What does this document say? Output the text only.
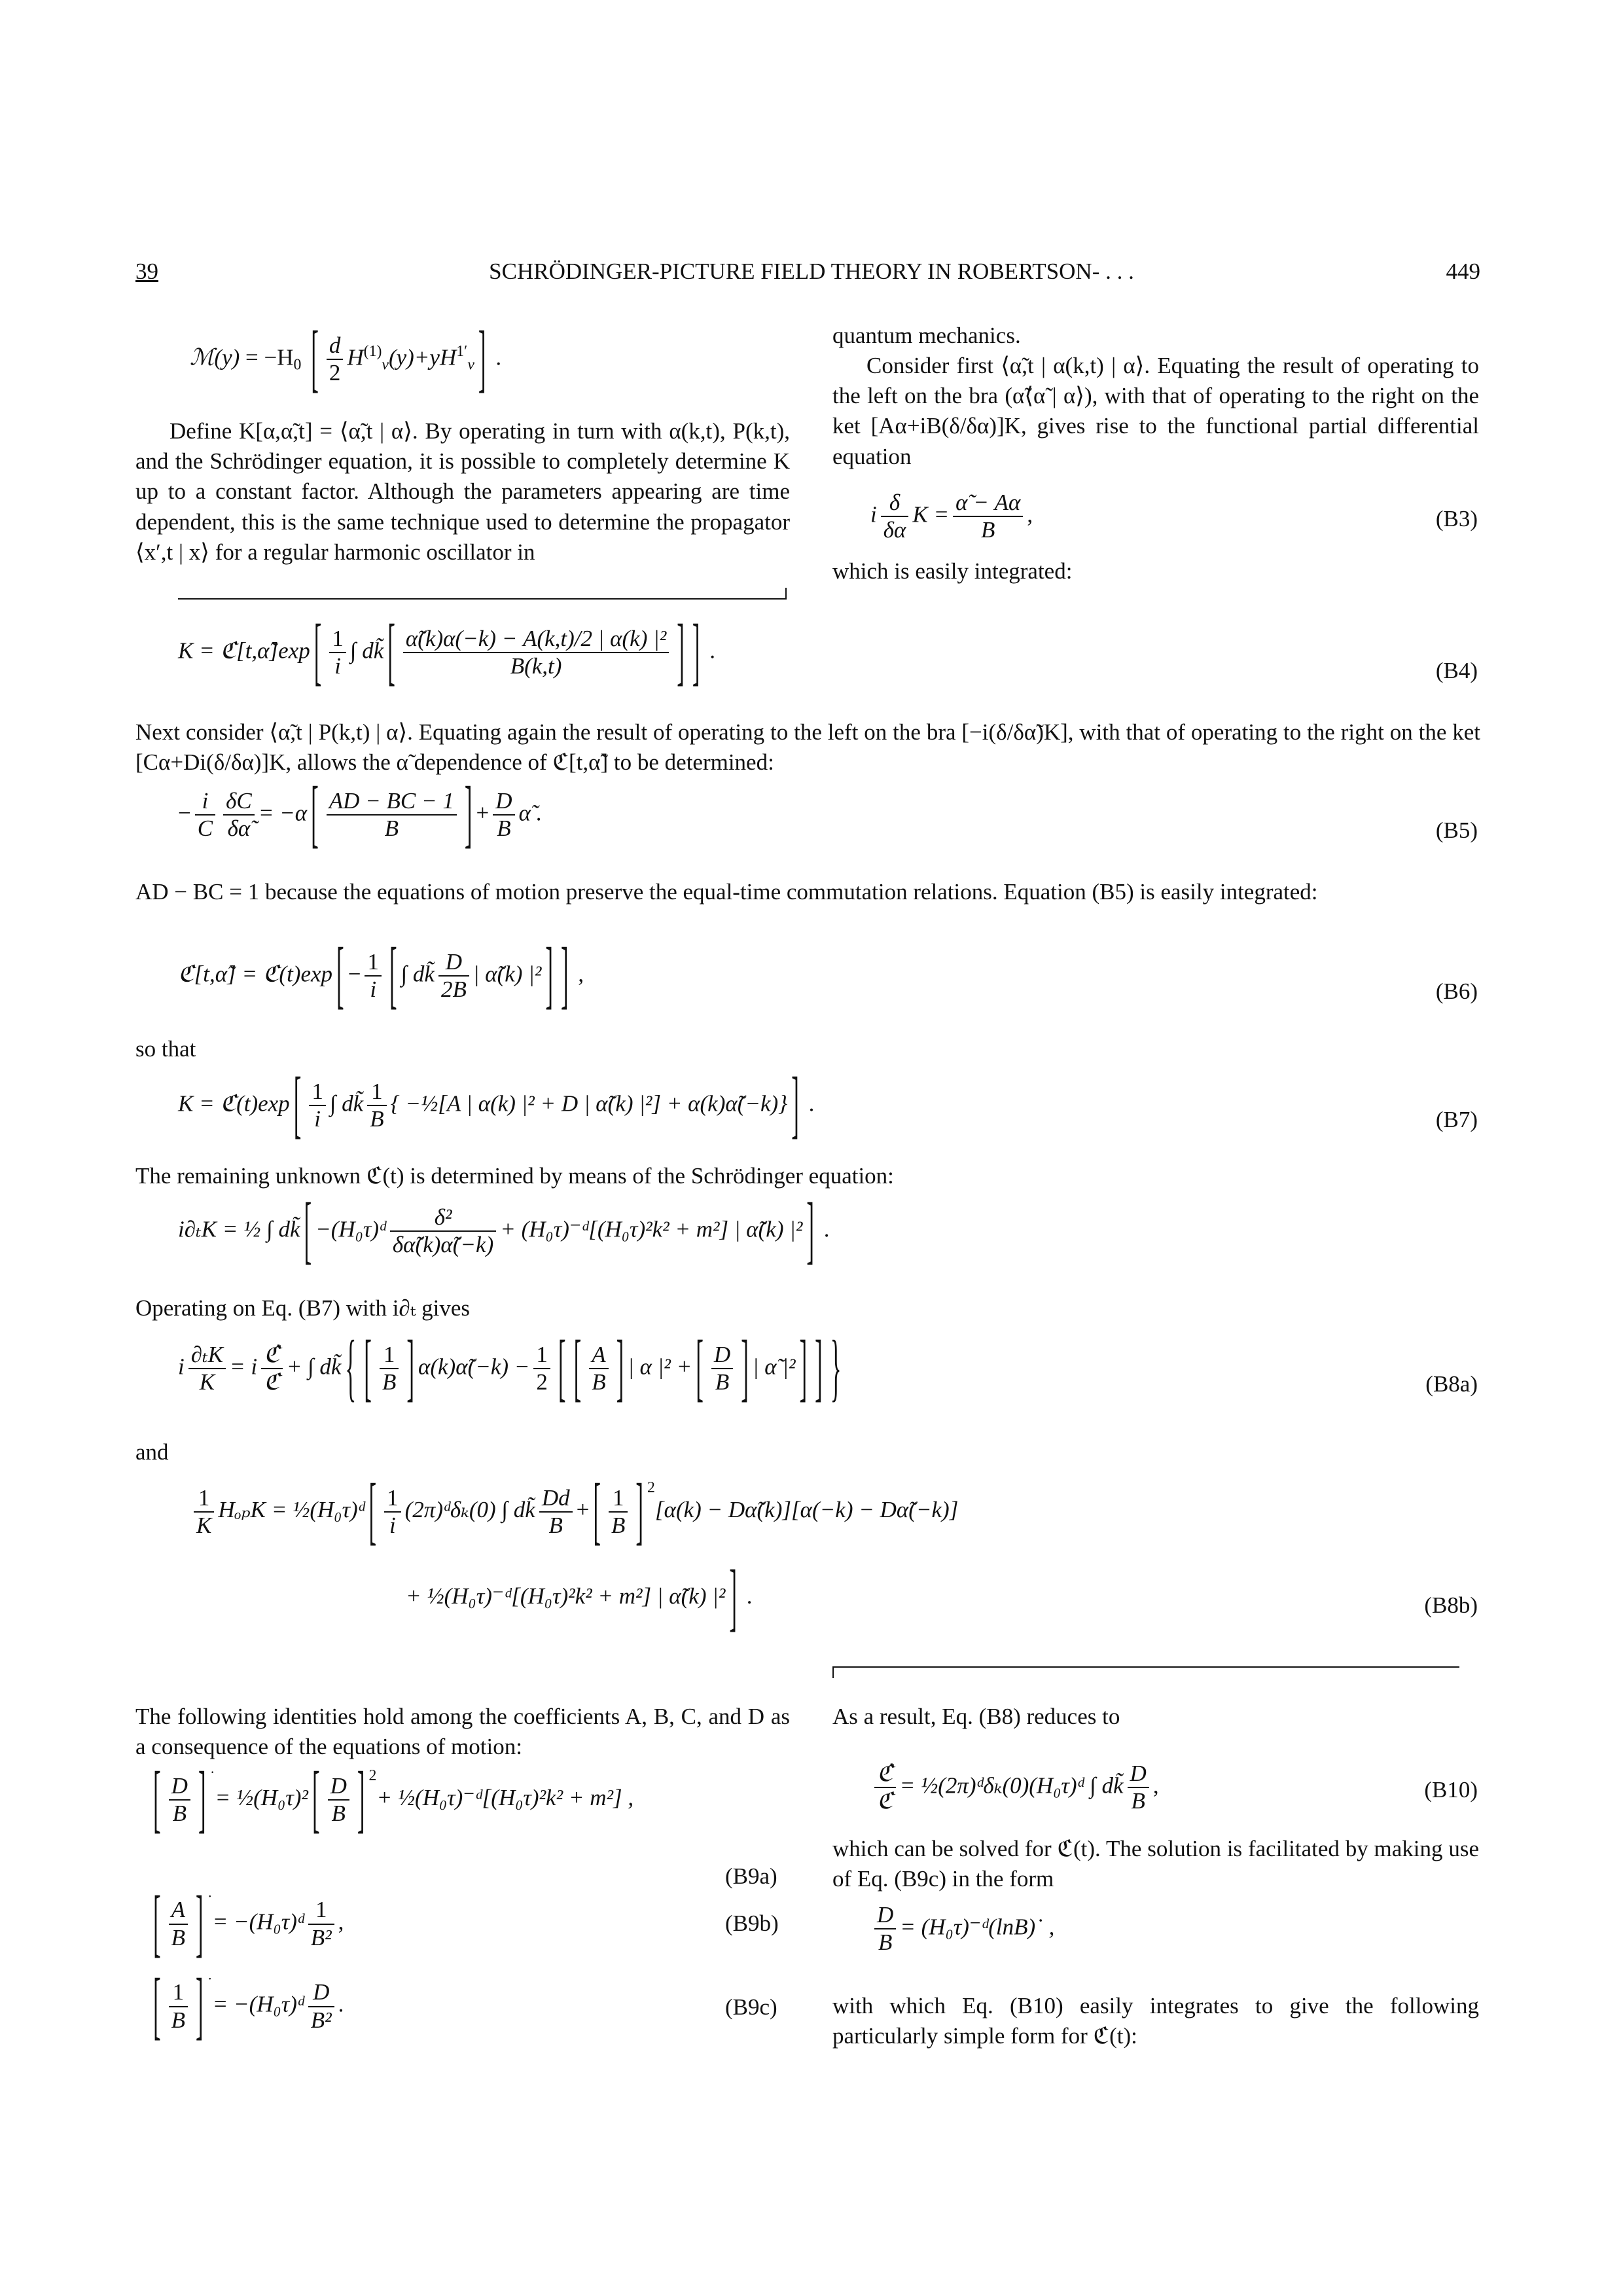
39	SCHRÖDINGER-PICTURE FIELD THEORY IN ROBERTSON- . . .	449
ℳ(y) = $-H_0$ [ $\frac{d}{2} H^{(1)}_\nu(y)+yH^{1'}_\nu$ ] .

Define K[α,α̃,t] = ⟨α̃,t | α⟩. By operating in turn with α(k,t), P(k,t), and the Schrödinger equation, it is possible to completely determine K up to a constant factor. Although the parameters appearing are time dependent, this is the same technique used to determine the propagator ⟨x′,t | x⟩ for a regular harmonic oscillator in

quantum mechanics.

Consider first ⟨α̃,t | α(k,t) | α⟩. Equating the result of operating to the left on the bra (α̃⟨α̃ | α⟩), with that of operating to the right on the ket [Aα+iB(δ/δα)]K, gives rise to the functional partial differential equation

i $\frac{\delta}{\delta\alpha}$ $K = \frac{\alphã - A\alpha}{B}$ ,	(B3)
which is easily integrated:
K = ℭ[t,α̃]exp [ $\frac{1}{i}$ ∫ dk̃ [ $\frac{\text{α̃(k)α(−k) − A(k,t)/2 | α(k) |²}}{B(k,t)}$ ] ] .
(B4)

Next consider ⟨α̃,t | P(k,t) | α⟩. Equating again the result of operating to the left on the bra [−i(δ/δα̃)K], with that of operating to the right on the ket [Cα+Di(δ/δα)]K, allows the α̃ dependence of ℭ[t,α̃] to be determined:

− $\frac{i}{C} \frac{\delta C}{\delta\alphã} = -\alpha$ [ $\frac{AD - BC - 1}{B}$ ] + $\frac{D}{B}$ α̃ .
(B5)

AD − BC = 1 because the equations of motion preserve the equal-time commutation relations. Equation (B5) is easily integrated:

ℭ[t,α̃] = ℭ(t)exp [ − $\frac{1}{i}$ [ ∫ dk̃ $\frac{D}{2B}$ | α̃(k) |² ] ] ,
(B6)
so that
K = ℭ(t)exp [ $\frac{1}{i}$ ∫ dk̃ $\frac{1}{B}$ { −½[A | α(k) |² + D | α̃(k) |²] + α(k)α̃(−k)} ] .
(B7)

The remaining unknown ℭ(t) is determined by means of the Schrödinger equation:

i∂ₜK = ½ ∫ dk̃ [ −(H₀τ)ᵈ $\frac{\text{δ²}}{\delta\alphã(k)\alphã(-k)}$ + (H₀τ)⁻ᵈ[(H₀τ)²k² + m²] | α̃(k) |² ] .

Operating on Eq. (B7) with i∂ₜ gives

i $\frac{\text{∂ₜK}}{K} = i \frac{\text{ℭ̇}}{\text{ℭ}}$ + ∫ dk̃ { [ $\frac{1}{B}$ ] α(k)α̃(−k) − $\frac{1}{2}$ [ [ $\frac{A}{B}$ ] | α |² + [ $\frac{D}{B}$ ] | α̃ |² ] ] }	(B8a)
and
$\frac{1}{K}$ HₒₚK = ½(H₀τ)ᵈ [ $\frac{1}{i}$ (2π)ᵈδₖ(0) ∫ dk̃ $\frac{Dd}{B}$ + [ $\frac{1}{B}$ ] $^2$[α(k) − Dα̃(k)][α(−k) − Dα̃(−k)]
+ ½(H₀τ)⁻ᵈ[(H₀τ)²k² + m²] | α̃(k) |² ] .	(B8b)

The following identities hold among the coefficients A, B, C, and D as a consequence of the equations of motion:

[ $\frac{D}{B}$ ] ˙= ½(H₀τ)² [ $\frac{D}{B}$ ] $^2$+ ½(H₀τ)⁻ᵈ[(H₀τ)²k² + m²] ,
(B9a)
[ $\frac{A}{B}$ ] ˙= −(H₀τ)ᵈ $\frac{1}{\text{B²}}$ ,	(B9b)
[ $\frac{1}{B}$ ] ˙= −(H₀τ)ᵈ $\frac{D}{\text{B²}}$ .	(B9c)
As a result, Eq. (B8) reduces to
$\frac{\text{ℭ̇}}{\text{ℭ}}$ = ½(2π)ᵈδₖ(0)(H₀τ)ᵈ ∫ dk̃ $\frac{D}{B}$ ,	(B10)

which can be solved for ℭ(t). The solution is facilitated by making use of Eq. (B9c) in the form

$\frac{D}{B}$ = (H₀τ)⁻ᵈ(lnB)˙ ,

with which Eq. (B10) easily integrates to give the following particularly simple form for ℭ(t):
